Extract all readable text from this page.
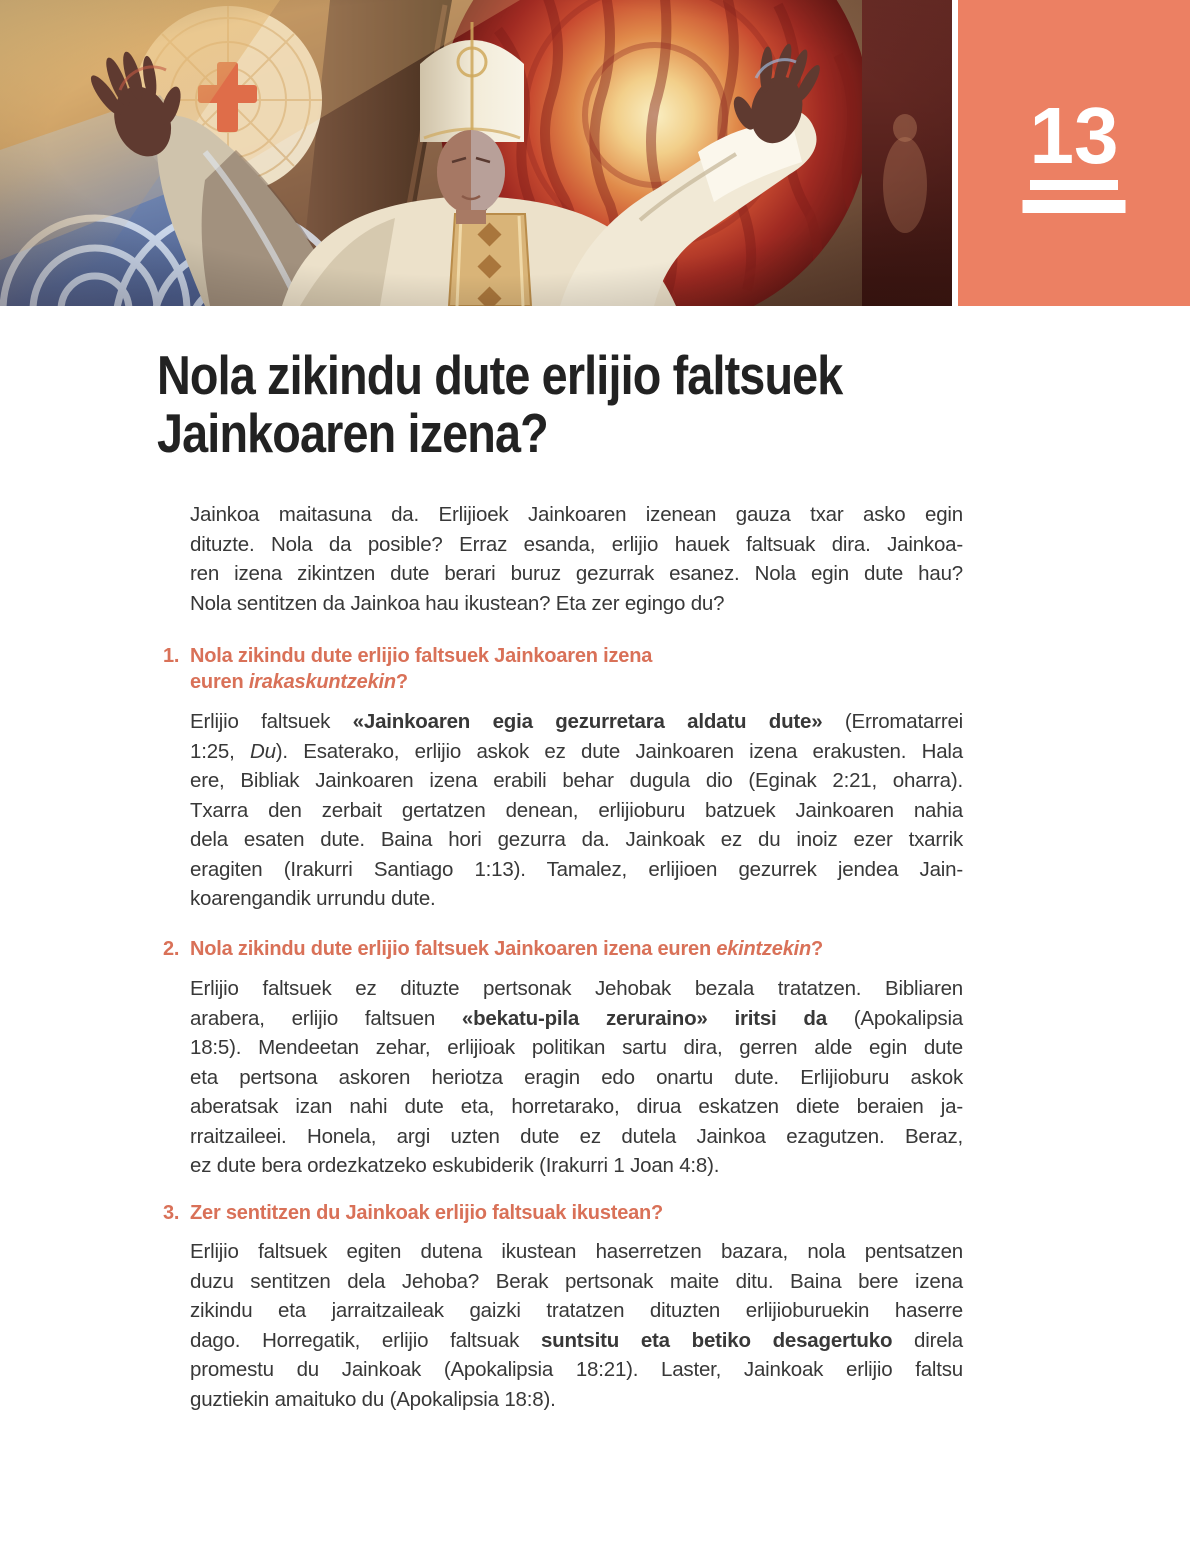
13
Nola zikindu dute erlijio faltsuek
Jainkoaren izena?
Jainkoa maitasuna da. Erlijioek Jainkoaren izenean gauza txar asko egin
dituzte. Nola da posible? Erraz esanda, erlijio hauek faltsuak dira. Jainkoa-
ren izena zikintzen dute berari buruz gezurrak esanez. Nola egin dute hau?
Nola sentitzen da Jainkoa hau ikustean? Eta zer egingo du?
1. Nola zikindu dute erlijio faltsuek Jainkoaren izena
euren irakaskuntzekin?
Erlijio faltsuek «Jainkoaren egia gezurretara aldatu dute» (Erromatarrei
1:25, Du). Esaterako, erlijio askok ez dute Jainkoaren izena erakusten. Hala
ere, Bibliak Jainkoaren izena erabili behar dugula dio (Eginak 2:21, oharra).
Txarra den zerbait gertatzen denean, erlijioburu batzuek Jainkoaren nahia
dela esaten dute. Baina hori gezurra da. Jainkoak ez du inoiz ezer txarrik
eragiten (Irakurri Santiago 1:13). Tamalez, erlijioen gezurrek jendea Jain-
koarengandik urrundu dute.
2. Nola zikindu dute erlijio faltsuek Jainkoaren izena euren ekintzekin?
Erlijio faltsuek ez dituzte pertsonak Jehobak bezala tratatzen. Bibliaren
arabera, erlijio faltsuen «bekatu-pila zeruraino» iritsi da (Apokalipsia
18:5). Mendeetan zehar, erlijioak politikan sartu dira, gerren alde egin dute
eta pertsona askoren heriotza eragin edo onartu dute. Erlijioburu askok
aberatsak izan nahi dute eta, horretarako, dirua eskatzen diete beraien ja-
rraitzaileei. Honela, argi uzten dute ez dutela Jainkoa ezagutzen. Beraz,
ez dute bera ordezkatzeko eskubiderik (Irakurri 1 Joan 4:8).
3. Zer sentitzen du Jainkoak erlijio faltsuak ikustean?
Erlijio faltsuek egiten dutena ikustean haserretzen bazara, nola pentsatzen
duzu sentitzen dela Jehoba? Berak pertsonak maite ditu. Baina bere izena
zikindu eta jarraitzaileak gaizki tratatzen dituzten erlijioburuekin haserre
dago. Horregatik, erlijio faltsuak suntsitu eta betiko desagertuko direla
promestu du Jainkoak (Apokalipsia 18:21). Laster, Jainkoak erlijio faltsu
guztiekin amaituko du (Apokalipsia 18:8).
